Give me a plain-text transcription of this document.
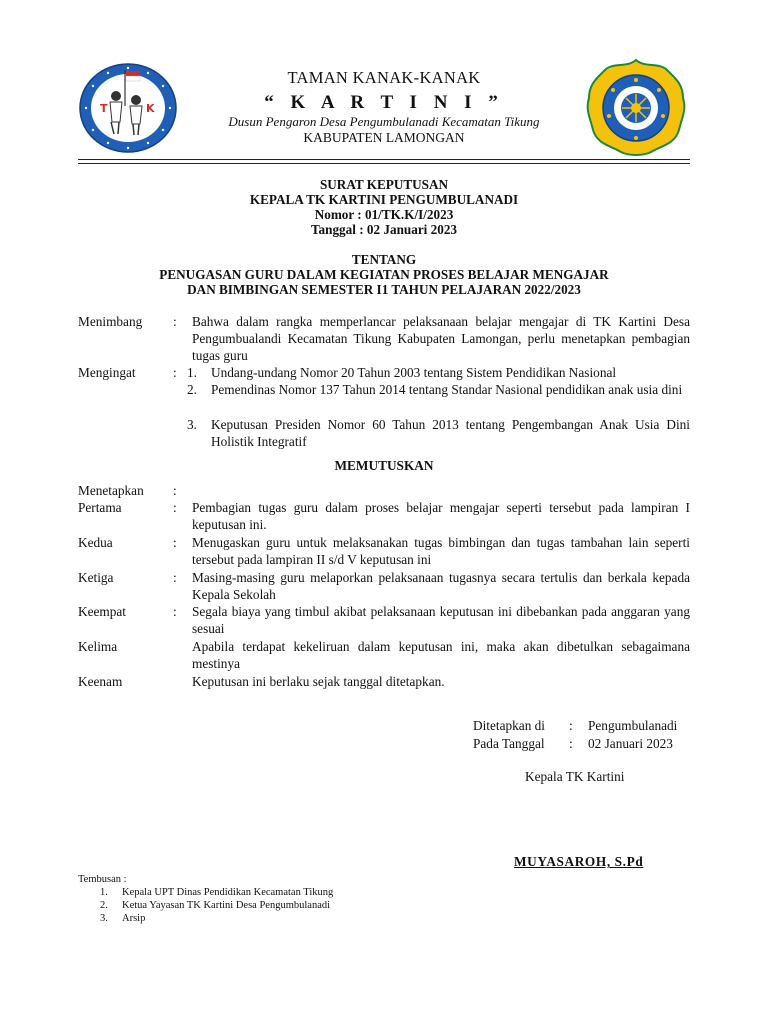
T	K
TAMAN KANAK-KANAK
“ K A R T I N I ”
Dusun Pengaron Desa Pengumbulanadi Kecamatan Tikung
KABUPATEN LAMONGAN
SURAT KEPUTUSAN
KEPALA TK KARTINI PENGUMBULANADI
Nomor : 01/TK.K/I/2023
Tanggal : 02 Januari 2023
TENTANG
PENUGASAN GURU DALAM KEGIATAN PROSES BELAJAR MENGAJAR
DAN BIMBINGAN SEMESTER I1 TAHUN PELAJARAN 2022/2023
Menimbang : Bahwa dalam rangka memperlancar pelaksanaan belajar mengajar di TK Kartini Desa Pengumbualandi Kecamatan Tikung Kabupaten Lamongan, perlu menetapkan pembagian tugas guru
Mengingat	: 1. Undang-undang Nomor 20 Tahun 2003 tentang Sistem Pendidikan Nasional
2. Pemendinas Nomor 137 Tahun 2014 tentang Standar Nasional pendidikan anak usia dini
3. Keputusan Presiden Nomor 60 Tahun 2013 tentang Pengembangan Anak Usia Dini Holistik Integratif
MEMUTUSKAN
Menetapkan :
Pertama	: Pembagian tugas guru dalam proses belajar mengajar seperti tersebut pada lampiran I keputusan ini.
Kedua	: Menugaskan guru untuk melaksanakan tugas bimbingan dan tugas tambahan lain seperti tersebut pada lampiran II s/d V keputusan ini
Ketiga	: Masing-masing guru melaporkan pelaksanaan tugasnya secara tertulis dan berkala kepada Kepala Sekolah
Keempat	: Segala biaya yang timbul akibat pelaksanaan keputusan ini dibebankan pada anggaran yang sesuai
Kelima	Apabila terdapat kekeliruan dalam keputusan ini, maka akan dibetulkan sebagaimana mestinya
Keenam	Keputusan ini berlaku sejak tanggal ditetapkan.
Ditetapkan di : Pengumbulanadi
Pada Tanggal : 02 Januari 2023
Kepala TK Kartini
MUYASAROH, S.Pd
Tembusan :
1. Kepala UPT Dinas Pendidikan Kecamatan Tikung
2. Ketua Yayasan TK Kartini Desa Pengumbulanadi
3. Arsip
